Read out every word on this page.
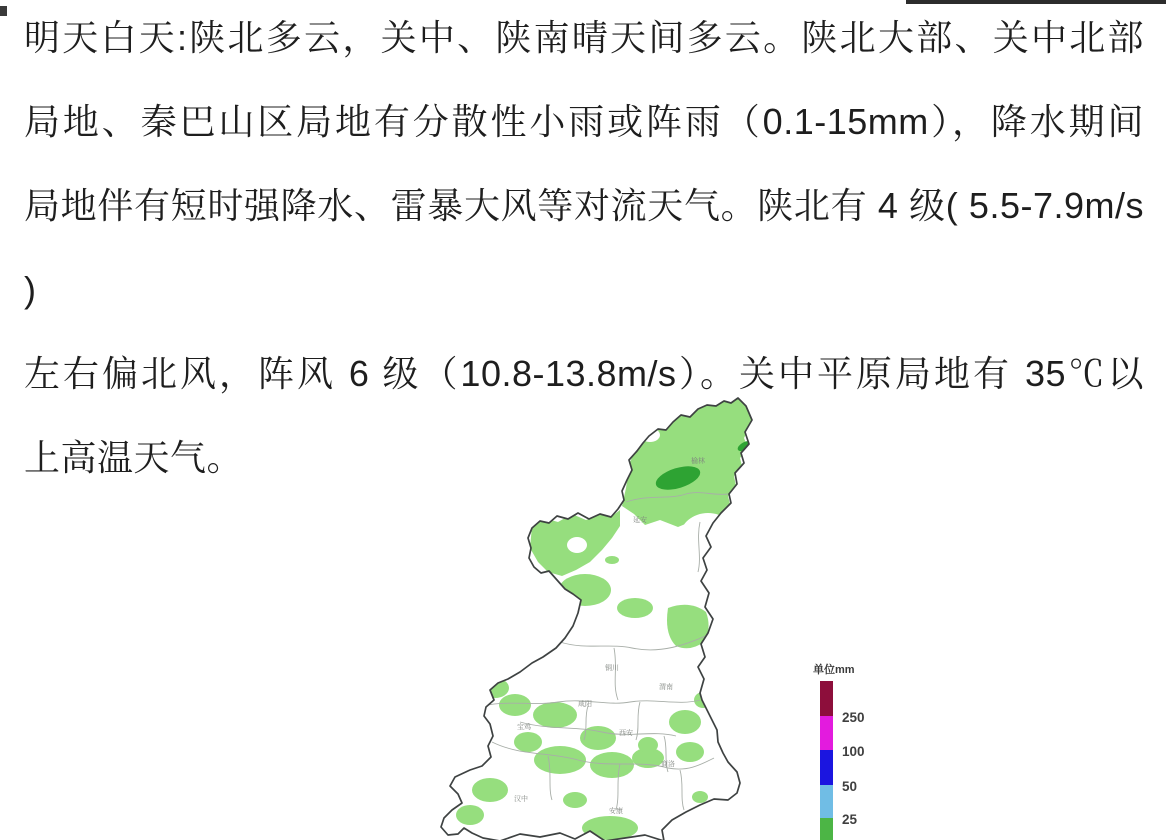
明天白天:陕北多云，关中、陕南晴天间多云。陕北大部、关中北部
局地、秦巴山区局地有分散性小雨或阵雨（0.1-15mm），降水期间
局地伴有短时强降水、雷暴大风等对流天气。陕北有 4 级( 5.5-7.9m/s )
左右偏北风，阵风 6 级（10.8-13.8m/s）。关中平原局地有 35℃以
上高温天气。	榆林
延安
铜川
渭南
咸阳
西安
宝鸡
商洛
汉中
安康
单位mm
250
100
50
25
